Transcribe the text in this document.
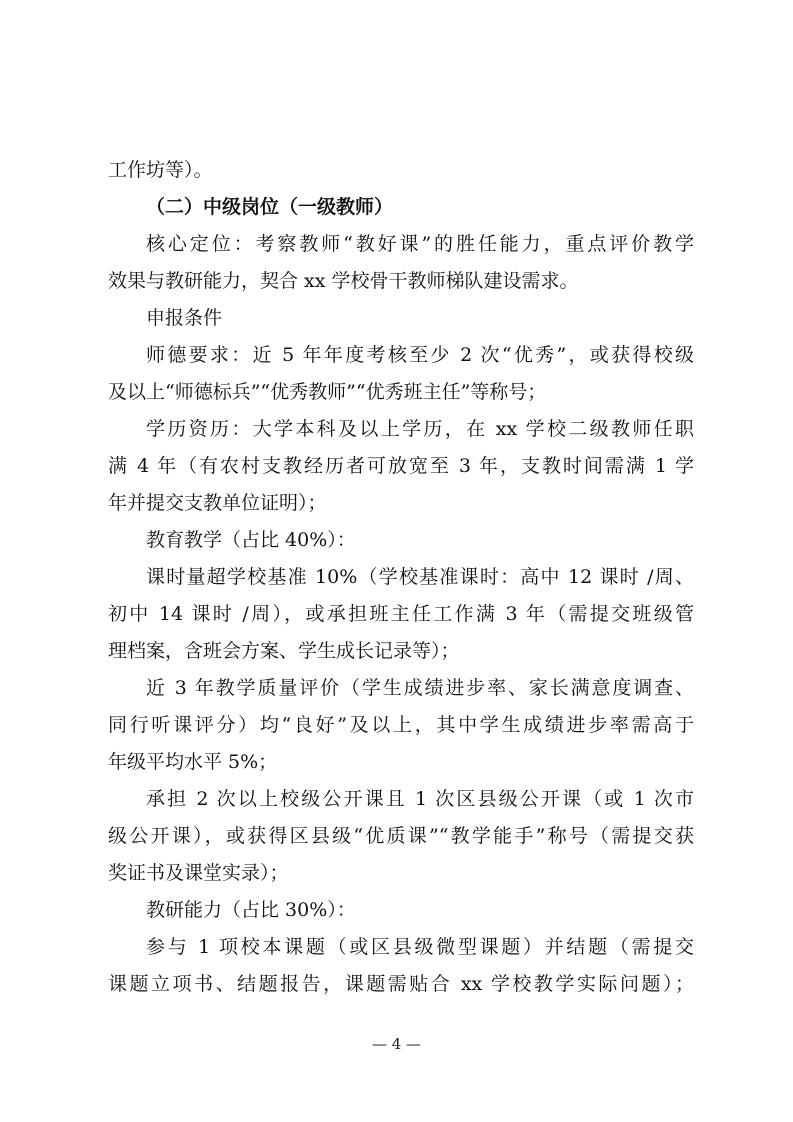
工作坊等）。
（二）中级岗位（一级教师）
核心定位：考察教师“教好课”的胜任能力，重点评价教学
效果与教研能力，契合 xx 学校骨干教师梯队建设需求。
申报条件
师德要求：近 5 年年度考核至少 2 次“优秀”，或获得校级
及以上“师德标兵”“优秀教师”“优秀班主任”等称号；
学历资历：大学本科及以上学历，在 xx 学校二级教师任职
满 4 年（有农村支教经历者可放宽至 3 年，支教时间需满 1 学
年并提交支教单位证明）；
教育教学（占比 40%）：
课时量超学校基准 10%（学校基准课时：高中 12 课时 /周、
初中 14 课时 /周），或承担班主任工作满 3 年（需提交班级管
理档案，含班会方案、学生成长记录等）；
近 3 年教学质量评价（学生成绩进步率、家长满意度调查、
同行听课评分）均“良好”及以上，其中学生成绩进步率需高于
年级平均水平 5%；
承担 2 次以上校级公开课且 1 次区县级公开课（或 1 次市
级公开课），或获得区县级“优质课”“教学能手”称号（需提交获
奖证书及课堂实录）；
教研能力（占比 30%）：
参与 1 项校本课题（或区县级微型课题）并结题（需提交
课题立项书、结题报告，课题需贴合 xx 学校教学实际问题）；
— 4 —
